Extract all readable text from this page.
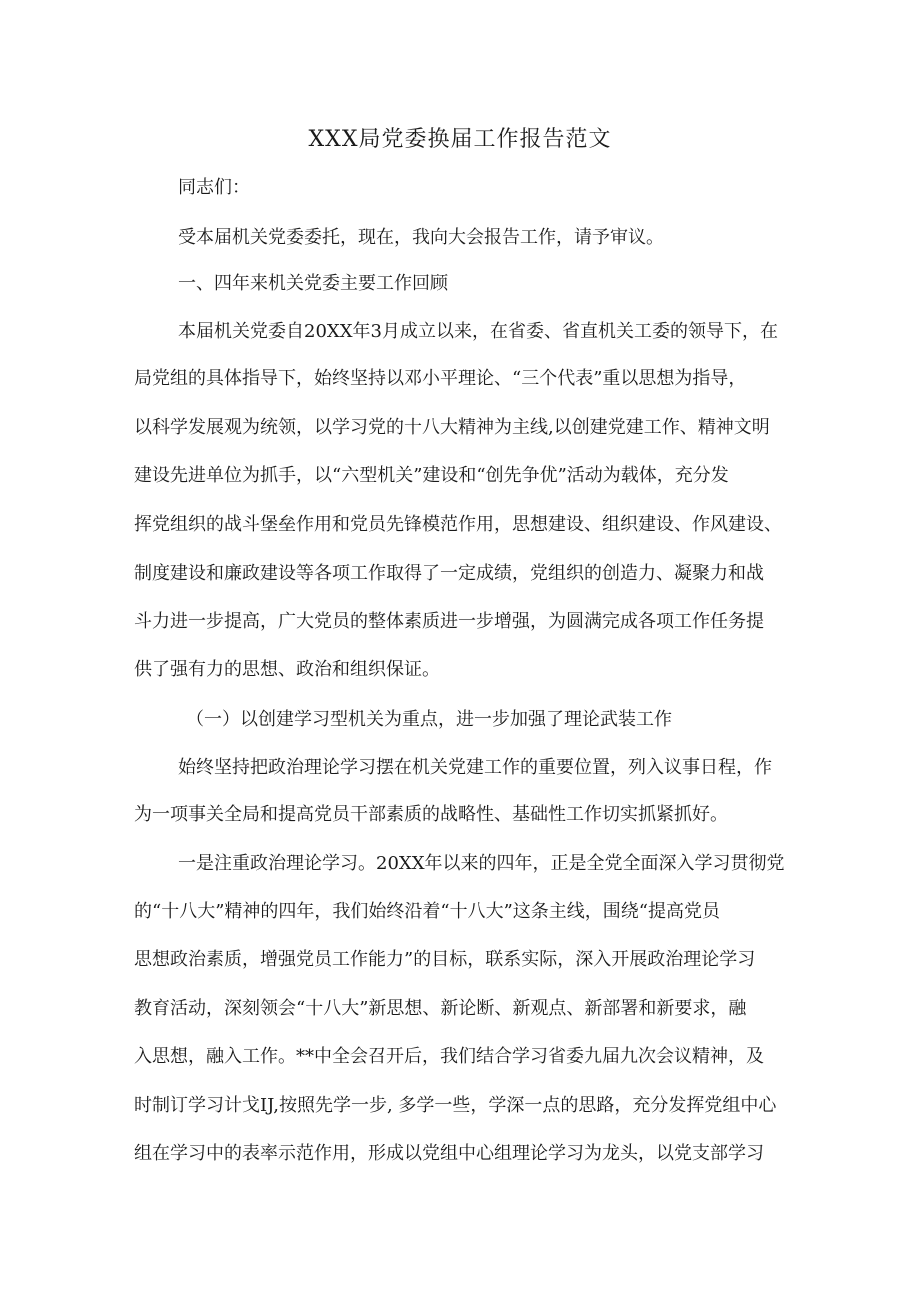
XXX局党委换届工作报告范文

同志们：

受本届机关党委委托，现在，我向大会报告工作，请予审议。

一、四年来机关党委主要工作回顾

本届机关党委自20XX年3月成立以来，在省委、省直机关工委的领导下，在

局党组的具体指导下，始终坚持以邓小平理论、“三个代表”重以思想为指导，

以科学发展观为统领，以学习党的十八大精神为主线,以创建党建工作、精神文明

建设先进单位为抓手，以“六型机关”建设和“创先争优”活动为载体，充分发

挥党组织的战斗堡垒作用和党员先锋模范作用，思想建设、组织建设、作风建设、

制度建设和廉政建设等各项工作取得了一定成绩，党组织的创造力、凝聚力和战

斗力进一步提高，广大党员的整体素质进一步增强，为圆满完成各项工作任务提

供了强有力的思想、政治和组织保证。

（一）以创建学习型机关为重点，进一步加强了理论武装工作

始终坚持把政治理论学习摆在机关党建工作的重要位置，列入议事日程，作

为一项事关全局和提高党员干部素质的战略性、基础性工作切实抓紧抓好。

一是注重政治理论学习。20XX年以来的四年，正是全党全面深入学习贯彻党

的“十八大”精神的四年，我们始终沿着“十八大”这条主线，围绕“提高党员

思想政治素质，增强党员工作能力”的目标，联系实际，深入开展政治理论学习

教育活动，深刻领会“十八大”新思想、新论断、新观点、新部署和新要求，融

入思想，融入工作。**中全会召开后，我们结合学习省委九届九次会议精神，及

时制订学习计戈IJ,按照先学一步, 多学一些，学深一点的思路，充分发挥党组中心

组在学习中的表率示范作用，形成以党组中心组理论学习为龙头，以党支部学习
